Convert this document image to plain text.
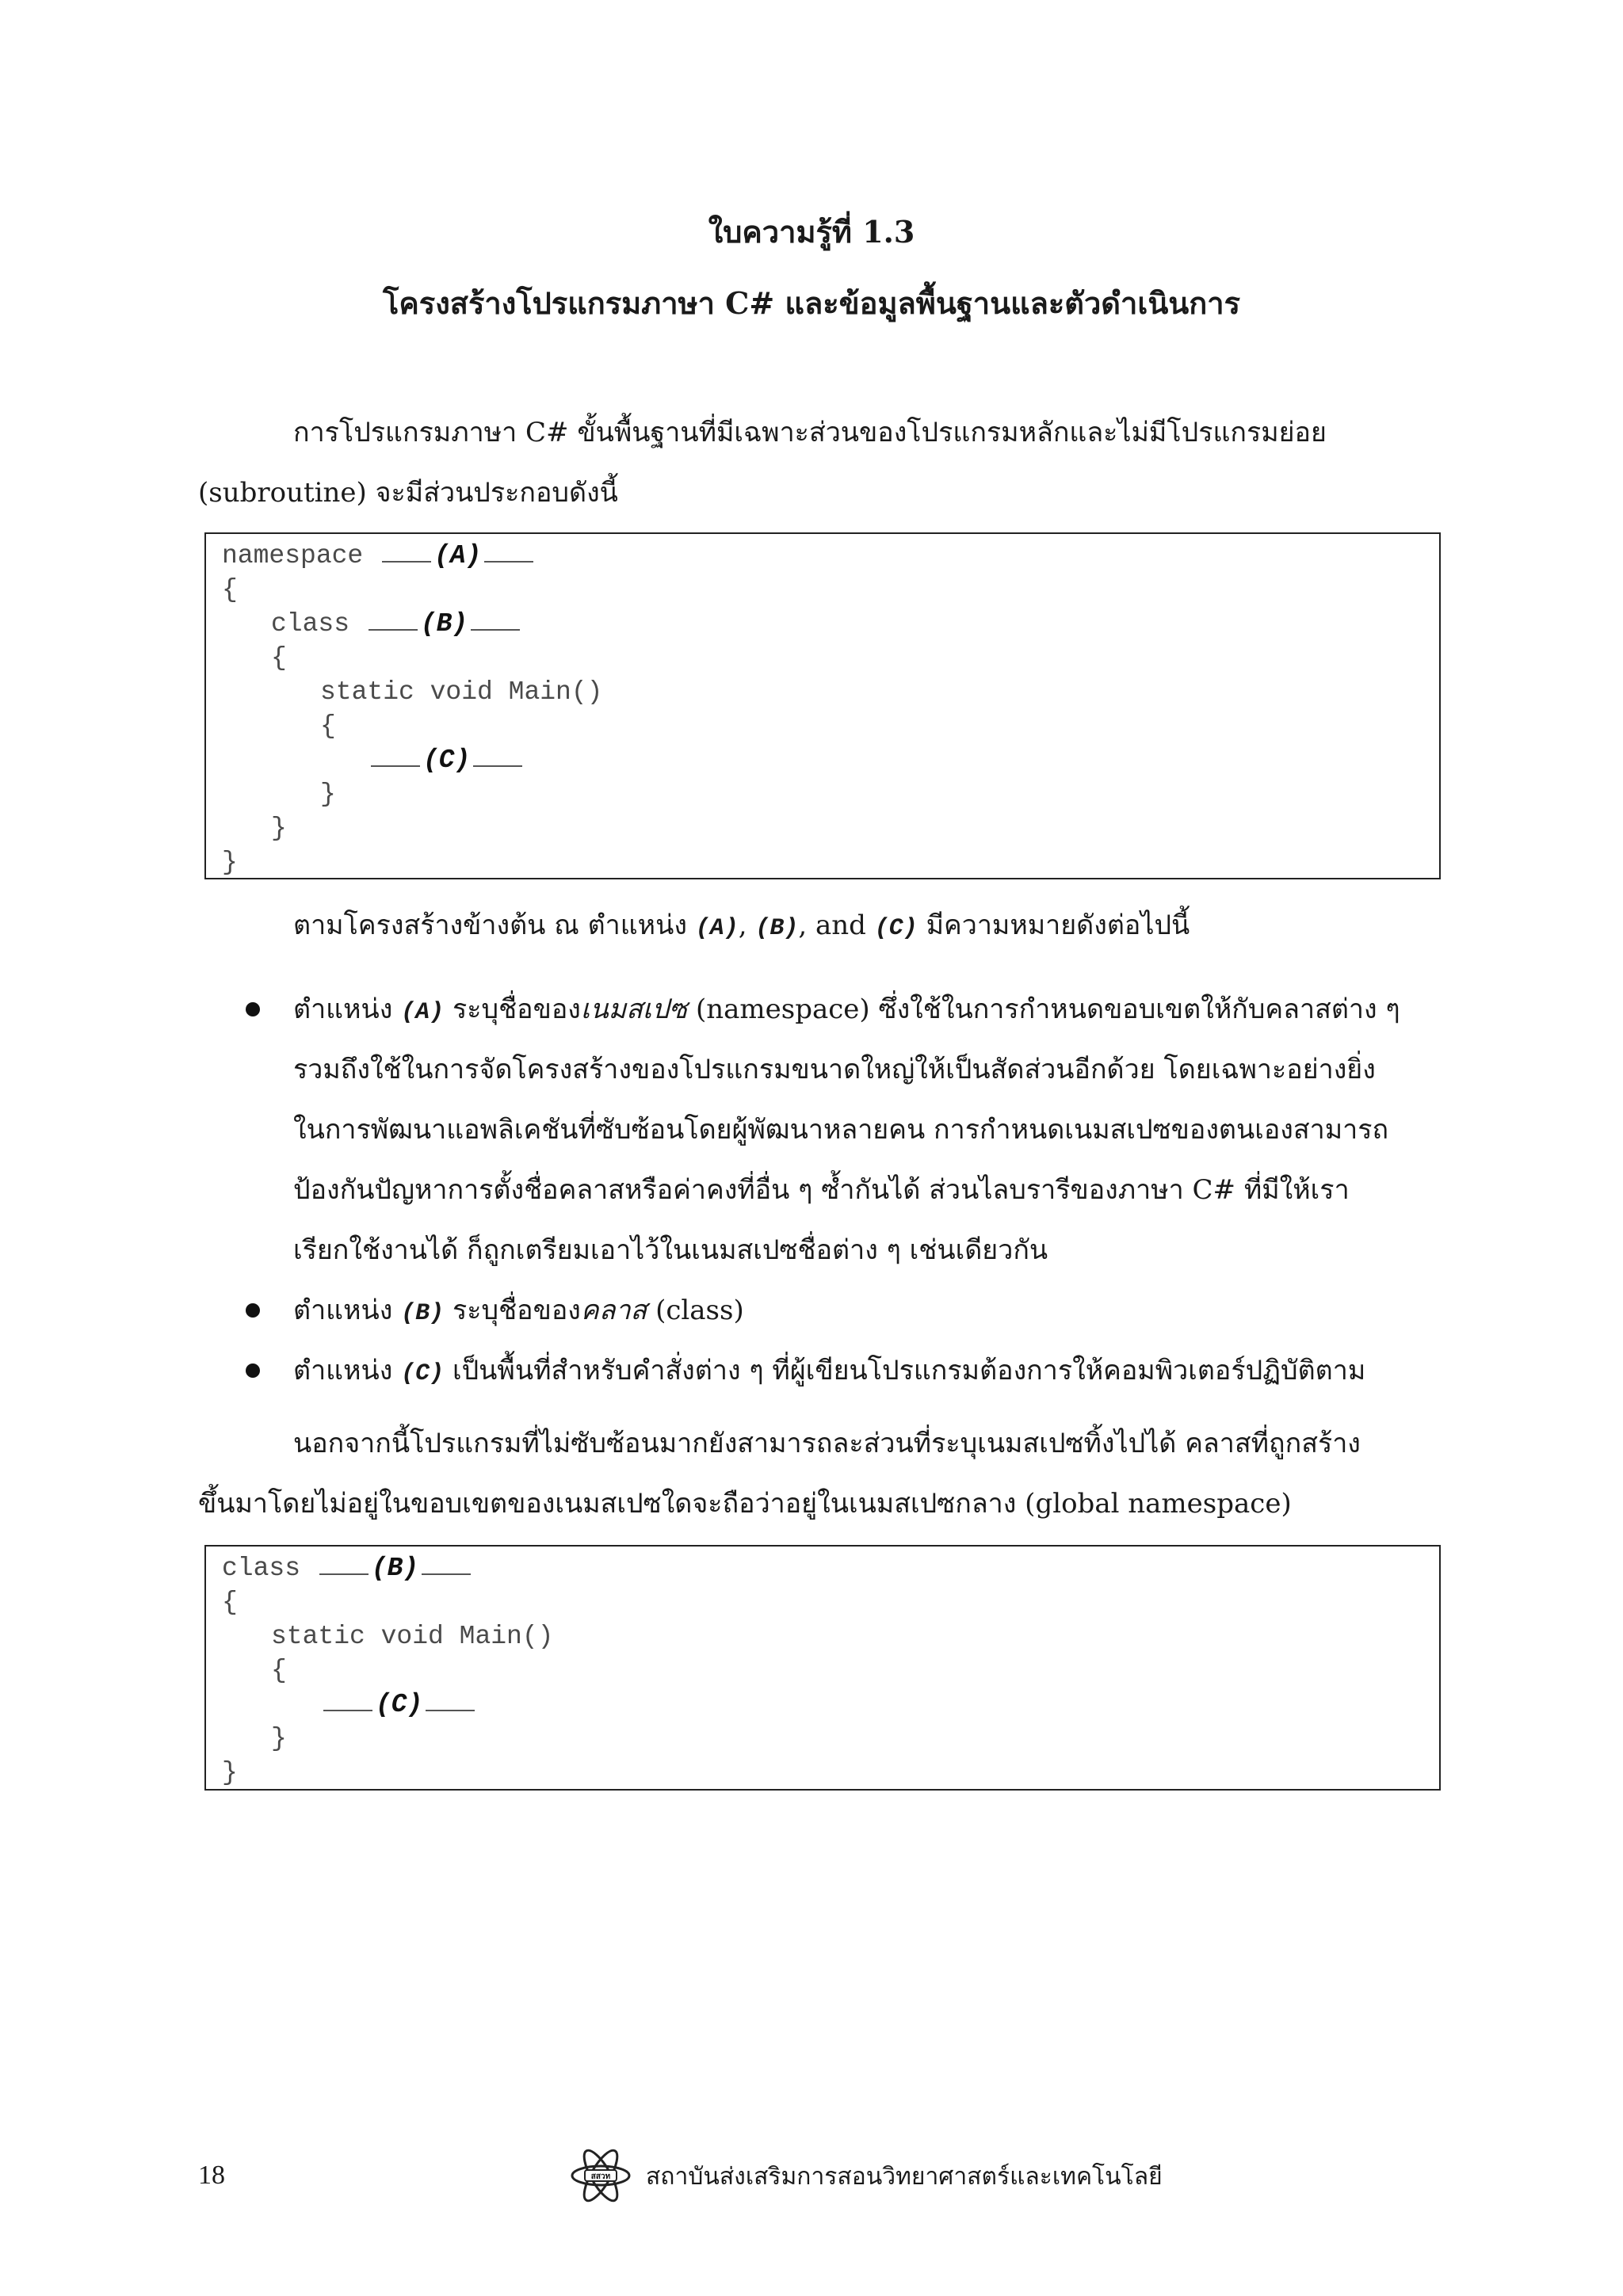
ใบความรู้ที่ 1.3
โครงสร้างโปรแกรมภาษา C# และข้อมูลพื้นฐานและตัวดำเนินการ
การโปรแกรมภาษา C# ขั้นพื้นฐานที่มีเฉพาะส่วนของโปรแกรมหลักและไม่มีโปรแกรมย่อย
(subroutine) จะมีส่วนประกอบดังนี้
namespace (A)
{
class (B)
{
static void Main()
{
(C)
}
}
}
ตามโครงสร้างข้างต้น ณ ตำแหน่ง (A), (B), and (C) มีความหมายดังต่อไปนี้
ตำแหน่ง (A) ระบุชื่อของเนมสเปซ (namespace) ซึ่งใช้ในการกำหนดขอบเขตให้กับคลาสต่าง ๆ
รวมถึงใช้ในการจัดโครงสร้างของโปรแกรมขนาดใหญ่ให้เป็นสัดส่วนอีกด้วย โดยเฉพาะอย่างยิ่ง
ในการพัฒนาแอพลิเคชันที่ซับซ้อนโดยผู้พัฒนาหลายคน การกำหนดเนมสเปซของตนเองสามารถ
ป้องกันปัญหาการตั้งชื่อคลาสหรือค่าคงที่อื่น ๆ ซ้ำกันได้ ส่วนไลบรารีของภาษา C# ที่มีให้เรา
เรียกใช้งานได้ ก็ถูกเตรียมเอาไว้ในเนมสเปซชื่อต่าง ๆ เช่นเดียวกัน
ตำแหน่ง (B) ระบุชื่อของคลาส (class)
ตำแหน่ง (C) เป็นพื้นที่สำหรับคำสั่งต่าง ๆ ที่ผู้เขียนโปรแกรมต้องการให้คอมพิวเตอร์ปฏิบัติตาม
นอกจากนี้โปรแกรมที่ไม่ซับซ้อนมากยังสามารถละส่วนที่ระบุเนมสเปซทิ้งไปได้ คลาสที่ถูกสร้าง
ขึ้นมาโดยไม่อยู่ในขอบเขตของเนมสเปซใดจะถือว่าอยู่ในเนมสเปซกลาง (global namespace)
class (B)
{
static void Main()
{
(C)
}
}
18	สสวท สถาบันส่งเสริมการสอนวิทยาศาสตร์และเทคโนโลยี
